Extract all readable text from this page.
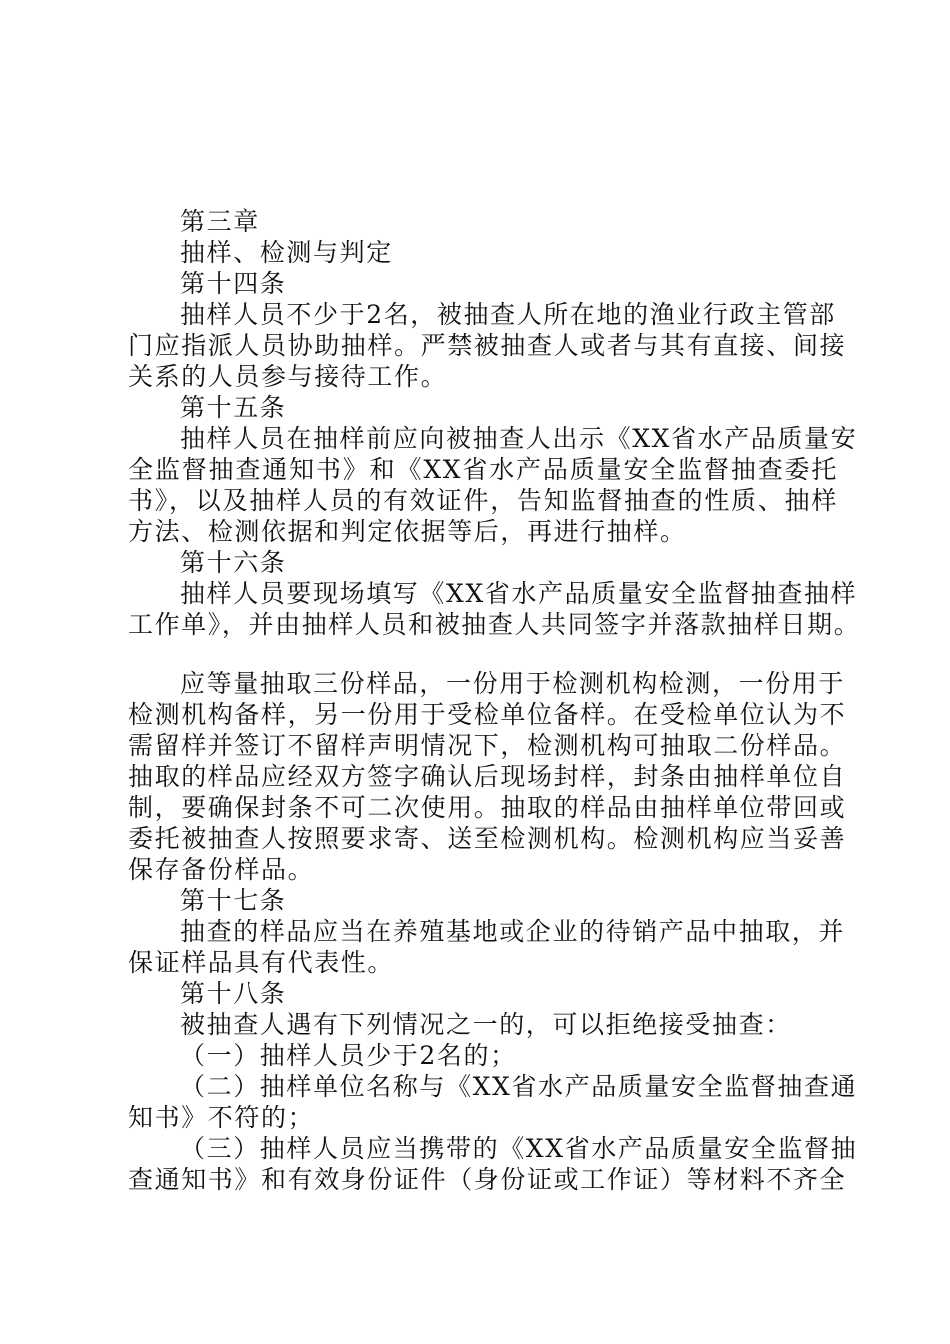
第三章
抽样、检测与判定
第十四条
抽样人员不少于2名，被抽查人所在地的渔业行政主管部
门应指派人员协助抽样。严禁被抽查人或者与其有直接、间接
关系的人员参与接待工作。
第十五条
抽样人员在抽样前应向被抽查人出示《XX省水产品质量安
全监督抽查通知书》和《XX省水产品质量安全监督抽查委托
书》，以及抽样人员的有效证件，告知监督抽查的性质、抽样
方法、检测依据和判定依据等后，再进行抽样。
第十六条
抽样人员要现场填写《XX省水产品质量安全监督抽查抽样
工作单》，并由抽样人员和被抽查人共同签字并落款抽样日期。
应等量抽取三份样品，一份用于检测机构检测，一份用于
检测机构备样，另一份用于受检单位备样。在受检单位认为不
需留样并签订不留样声明情况下，检测机构可抽取二份样品。
抽取的样品应经双方签字确认后现场封样，封条由抽样单位自
制，要确保封条不可二次使用。抽取的样品由抽样单位带回或
委托被抽查人按照要求寄、送至检测机构。检测机构应当妥善
保存备份样品。
第十七条
抽查的样品应当在养殖基地或企业的待销产品中抽取，并
保证样品具有代表性。
第十八条
被抽查人遇有下列情况之一的，可以拒绝接受抽查：
（一）抽样人员少于2名的；
（二）抽样单位名称与《XX省水产品质量安全监督抽查通
知书》不符的；
（三）抽样人员应当携带的《XX省水产品质量安全监督抽
查通知书》和有效身份证件（身份证或工作证）等材料不齐全
